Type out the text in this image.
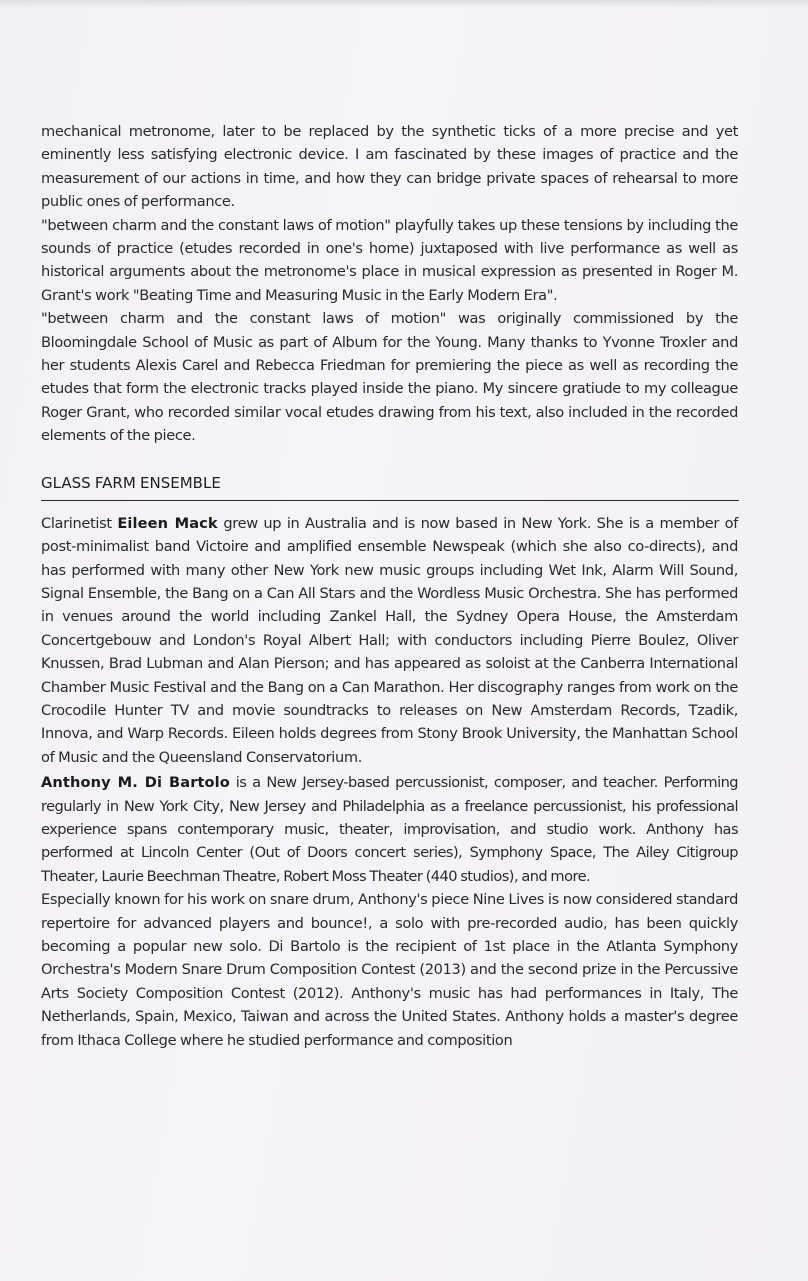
mechanical metronome, later to be replaced by the synthetic ticks of a more precise and yet eminently less satisfying electronic device. I am fascinated by these images of practice and the measurement of our actions in time, and how they can bridge private spaces of rehearsal to more public ones of performance.

"between charm and the constant laws of motion" playfully takes up these tensions by including the sounds of practice (etudes recorded in one's home) juxtaposed with live performance as well as historical arguments about the metronome's place in musical expression as presented in Roger M. Grant's work "Beating Time and Measuring Music in the Early Modern Era".

"between charm and the constant laws of motion" was originally commissioned by the Bloomingdale School of Music as part of Album for the Young. Many thanks to Yvonne Troxler and her students Alexis Carel and Rebecca Friedman for premiering the piece as well as recording the etudes that form the electronic tracks played inside the piano. My sincere gratiude to my colleague Roger Grant, who recorded similar vocal etudes drawing from his text, also included in the recorded elements of the piece.

GLASS FARM ENSEMBLE

Clarinetist Eileen Mack grew up in Australia and is now based in New York. She is a member of post-minimalist band Victoire and amplified ensemble Newspeak (which she also co-directs), and has performed with many other New York new music groups including Wet Ink, Alarm Will Sound, Signal Ensemble, the Bang on a Can All Stars and the Wordless Music Orchestra. She has performed in venues around the world including Zankel Hall, the Sydney Opera House, the Amsterdam Concertgebouw and London's Royal Albert Hall; with conductors including Pierre Boulez, Oliver Knussen, Brad Lubman and Alan Pierson; and has appeared as soloist at the Canberra International Chamber Music Festival and the Bang on a Can Marathon. Her discography ranges from work on the Crocodile Hunter TV and movie soundtracks to releases on New Amsterdam Records, Tzadik, Innova, and Warp Records. Eileen holds degrees from Stony Brook University, the Manhattan School of Music and the Queensland Conservatorium.

Anthony M. Di Bartolo is a New Jersey-based percussionist, composer, and teacher. Performing regularly in New York City, New Jersey and Philadelphia as a freelance percussionist, his professional experience spans contemporary music, theater, improvisation, and studio work. Anthony has performed at Lincoln Center (Out of Doors concert series), Symphony Space, The Ailey Citigroup Theater, Laurie Beechman Theatre, Robert Moss Theater (440 studios), and more.

Especially known for his work on snare drum, Anthony's piece Nine Lives is now considered standard repertoire for advanced players and bounce!, a solo with pre-recorded audio, has been quickly becoming a popular new solo. Di Bartolo is the recipient of 1st place in the Atlanta Symphony Orchestra's Modern Snare Drum Composition Contest (2013) and the second prize in the Percussive Arts Society Composition Contest (2012). Anthony's music has had performances in Italy, The Netherlands, Spain, Mexico, Taiwan and across the United States. Anthony holds a master's degree from Ithaca College where he studied performance and composition
